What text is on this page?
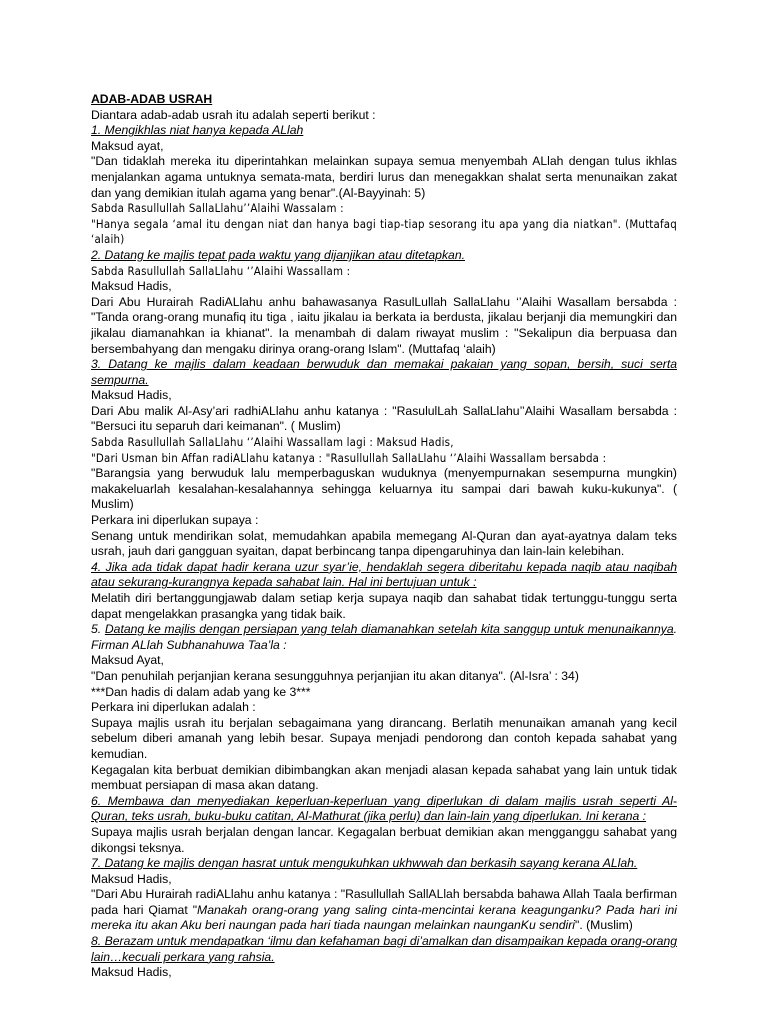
ADAB-ADAB USRAH

Diantara adab-adab usrah itu adalah seperti berikut :

1. Mengikhlas niat hanya kepada ALlah

Maksud ayat,

"Dan tidaklah mereka itu diperintahkan melainkan supaya semua menyembah ALlah dengan tulus ikhlas menjalankan agama untuknya semata-mata, berdiri lurus dan menegakkan shalat serta menunaikan zakat dan yang demikian itulah agama yang benar".(Al-Bayyinah: 5)

Sabda Rasullullah SallaLlahu’’Alaihi Wassalam :

"Hanya segala ‘amal itu dengan niat dan hanya bagi tiap-tiap sesorang itu apa yang dia niatkan". (Muttafaq ‘alaih)

2. Datang ke majlis tepat pada waktu yang dijanjikan atau ditetapkan.

Sabda Rasullullah SallaLlahu ‘’Alaihi Wassallam :

Maksud Hadis,

Dari Abu Hurairah RadiALlahu anhu bahawasanya RasulLullah SallaLlahu ‘’Alaihi Wasallam bersabda : "Tanda orang-orang munafiq itu tiga , iaitu jikalau ia berkata ia berdusta, jikalau berjanji dia memungkiri dan jikalau diamanahkan ia khianat". Ia menambah di dalam riwayat muslim : "Sekalipun dia berpuasa dan bersembahyang dan mengaku dirinya orang-orang Islam". (Muttafaq ‘alaih)

3. Datang ke majlis dalam keadaan berwuduk dan memakai pakaian yang sopan, bersih, suci serta sempurna.

Maksud Hadis,

Dari Abu malik Al-Asy’ari radhiALlahu anhu katanya : "RasululLah SallaLlahu’’Alaihi Wasallam bersabda : "Bersuci itu separuh dari keimanan". ( Muslim)

Sabda Rasullullah SallaLlahu ‘’Alaihi Wassallam lagi : Maksud Hadis,

"Dari Usman bin Affan radiALlahu katanya : "Rasullullah SallaLlahu ‘’Alaihi Wassallam bersabda :

"Barangsia yang berwuduk lalu memperbaguskan wuduknya (menyempurnakan sesempurna mungkin) makakeluarlah kesalahan-kesalahannya sehingga keluarnya itu sampai dari bawah kuku-kukunya". ( Muslim)

Perkara ini diperlukan supaya :

Senang untuk mendirikan solat, memudahkan apabila memegang Al-Quran dan ayat-ayatnya dalam teks usrah, jauh dari gangguan syaitan, dapat berbincang tanpa dipengaruhinya dan lain-lain kelebihan.

4. Jika ada tidak dapat hadir kerana uzur syar’ie, hendaklah segera diberitahu kepada naqib atau naqibah atau sekurang-kurangnya kepada sahabat lain. Hal ini bertujuan untuk :

Melatih diri bertanggungjawab dalam setiap kerja supaya naqib dan sahabat tidak tertunggu-tunggu serta dapat mengelakkan prasangka yang tidak baik.

5. Datang ke majlis dengan persiapan yang telah diamanahkan setelah kita sanggup untuk menunaikannya. Firman ALlah Subhanahuwa Taa’la :

Maksud Ayat,

"Dan penuhilah perjanjian kerana sesungguhnya perjanjian itu akan ditanya". (Al-Isra’ : 34)

***Dan hadis di dalam adab yang ke 3***

Perkara ini diperlukan adalah :

Supaya majlis usrah itu berjalan sebagaimana yang dirancang. Berlatih menunaikan amanah yang kecil sebelum diberi amanah yang lebih besar. Supaya menjadi pendorong dan contoh kepada sahabat yang kemudian.

Kegagalan kita berbuat demikian dibimbangkan akan menjadi alasan kepada sahabat yang lain untuk tidak membuat persiapan di masa akan datang.

6. Membawa dan menyediakan keperluan-keperluan yang diperlukan di dalam majlis usrah seperti Al-Quran, teks usrah, buku-buku catitan, Al-Mathurat (jika perlu) dan lain-lain yang diperlukan. Ini kerana :

Supaya majlis usrah berjalan dengan lancar. Kegagalan berbuat demikian akan mengganggu sahabat yang dikongsi teksnya.

7. Datang ke majlis dengan hasrat untuk mengukuhkan ukhwwah dan berkasih sayang kerana ALlah.

Maksud Hadis,

"Dari Abu Hurairah radiALlahu anhu katanya : "Rasullullah SallALlah bersabda bahawa Allah Taala berfirman pada hari Qiamat "Manakah orang-orang yang saling cinta-mencintai kerana keagunganku? Pada hari ini mereka itu akan Aku beri naungan pada hari tiada naungan melainkan naunganKu sendiri". (Muslim)

8. Berazam untuk mendapatkan ‘ilmu dan kefahaman bagi di’amalkan dan disampaikan kepada orang-orang lain…kecuali perkara yang rahsia.

Maksud Hadis,
